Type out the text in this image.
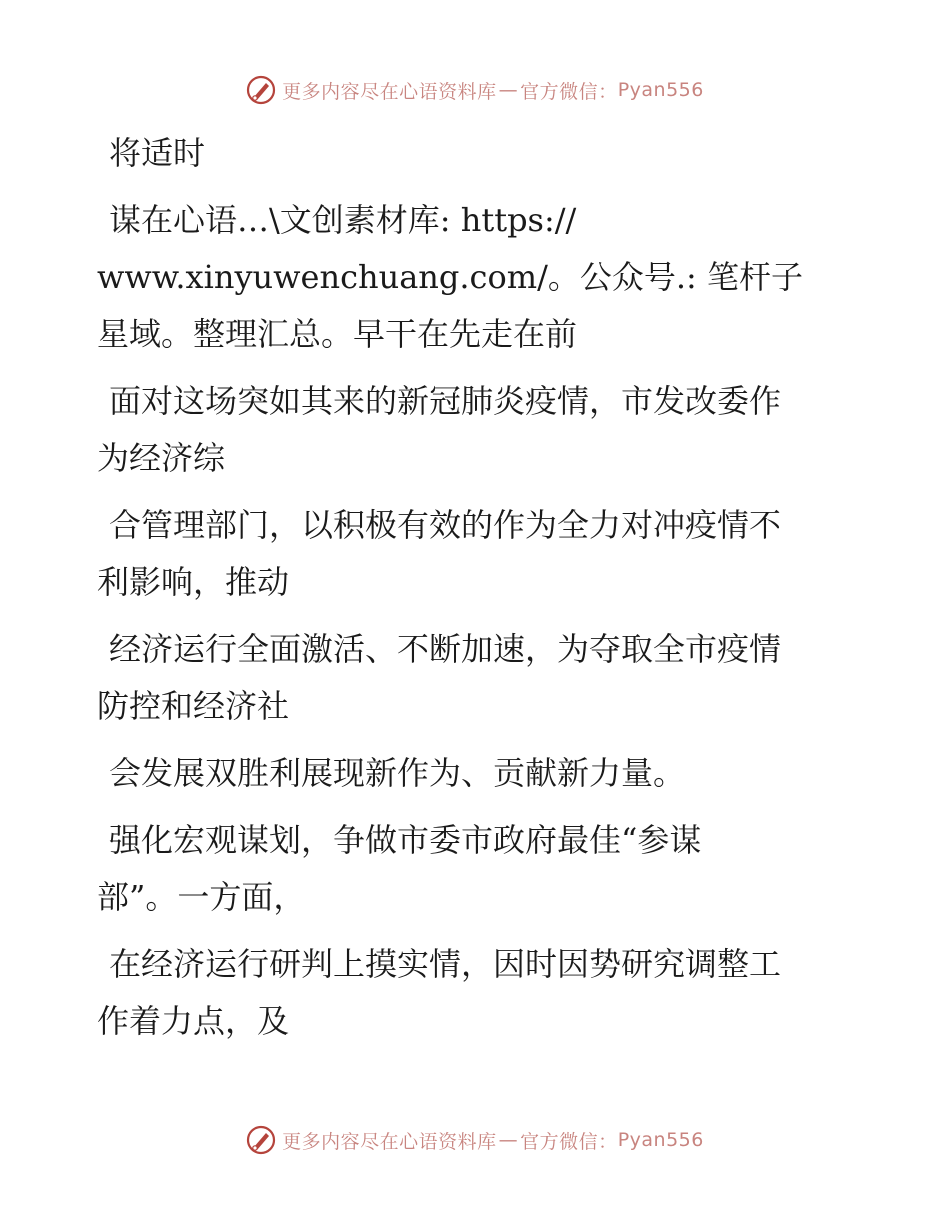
更多内容尽在心语资料库 — 官方微信： Pyan556

将适时

谋在心语…\文创素材库: https://
www.xinyuwenchuang.com/。公众号.: 笔杆子星域。整理汇总。早干在先走在前

面对这场突如其来的新冠肺炎疫情，市发改委作
为经济综

合管理部门，以积极有效的作为全力对冲疫情不
利影响，推动

经济运行全面激活、不断加速，为夺取全市疫情
防控和经济社

会发展双胜利展现新作为、贡献新力量。

强化宏观谋划，争做市委市政府最佳“参谋
部”。一方面，

在经济运行研判上摸实情，因时因势研究调整工
作着力点，及

更多内容尽在心语资料库 — 官方微信： Pyan556
